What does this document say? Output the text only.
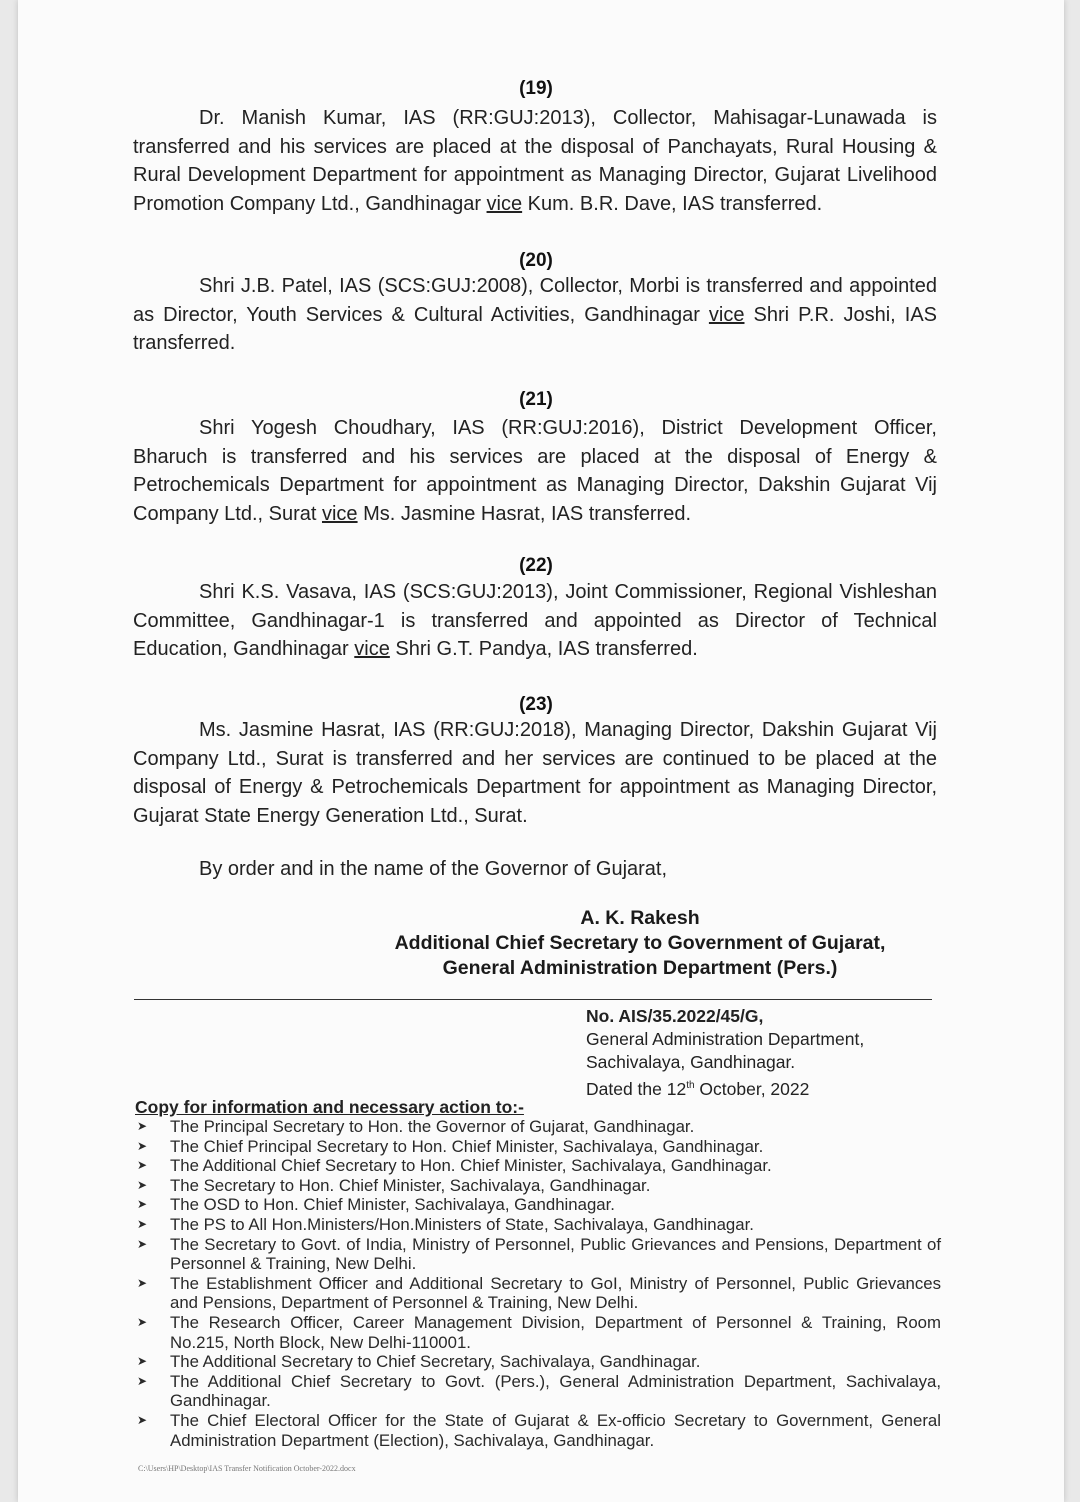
(19)
Dr. Manish Kumar, IAS (RR:GUJ:2013), Collector, Mahisagar-Lunawada is transferred and his services are placed at the disposal of Panchayats, Rural Housing & Rural Development Department for appointment as Managing Director, Gujarat Livelihood Promotion Company Ltd., Gandhinagar vice Kum. B.R. Dave, IAS transferred.
(20)
Shri J.B. Patel, IAS (SCS:GUJ:2008), Collector, Morbi is transferred and appointed as Director, Youth Services & Cultural Activities, Gandhinagar vice Shri P.R. Joshi, IAS transferred.
(21)
Shri Yogesh Choudhary, IAS (RR:GUJ:2016), District Development Officer, Bharuch is transferred and his services are placed at the disposal of Energy & Petrochemicals Department for appointment as Managing Director, Dakshin Gujarat Vij Company Ltd., Surat vice Ms. Jasmine Hasrat, IAS transferred.
(22)
Shri K.S. Vasava, IAS (SCS:GUJ:2013), Joint Commissioner, Regional Vishleshan Committee, Gandhinagar-1 is transferred and appointed as Director of Technical Education, Gandhinagar vice Shri G.T. Pandya, IAS transferred.
(23)
Ms. Jasmine Hasrat, IAS (RR:GUJ:2018), Managing Director, Dakshin Gujarat Vij Company Ltd., Surat is transferred and her services are continued to be placed at the disposal of Energy & Petrochemicals Department for appointment as Managing Director, Gujarat State Energy Generation Ltd., Surat.
By order and in the name of the Governor of Gujarat,
A. K. Rakesh
Additional Chief Secretary to Government of Gujarat,
General Administration Department (Pers.)
No. AIS/35.2022/45/G,
General Administration Department,
Sachivalaya, Gandhinagar.
Dated the 12th October, 2022
Copy for information and necessary action to:-
➤	The Principal Secretary to Hon. the Governor of Gujarat, Gandhinagar.
➤	The Chief Principal Secretary to Hon. Chief Minister, Sachivalaya, Gandhinagar.
➤	The Additional Chief Secretary to Hon. Chief Minister, Sachivalaya, Gandhinagar.
➤	The Secretary to Hon. Chief Minister, Sachivalaya, Gandhinagar.
➤	The OSD to Hon. Chief Minister, Sachivalaya, Gandhinagar.
➤	The PS to All Hon.Ministers/Hon.Ministers of State, Sachivalaya, Gandhinagar.
➤	The Secretary to Govt. of India, Ministry of Personnel, Public Grievances and Pensions, Department of Personnel & Training, New Delhi.
➤	The Establishment Officer and Additional Secretary to GoI, Ministry of Personnel, Public Grievances and Pensions, Department of Personnel & Training, New Delhi.
➤	The Research Officer, Career Management Division, Department of Personnel & Training, Room No.215, North Block, New Delhi-110001.
➤	The Additional Secretary to Chief Secretary, Sachivalaya, Gandhinagar.
➤	The Additional Chief Secretary to Govt. (Pers.), General Administration Department, Sachivalaya, Gandhinagar.
➤	The Chief Electoral Officer for the State of Gujarat & Ex-officio Secretary to Government, General Administration Department (Election), Sachivalaya, Gandhinagar.
C:\Users\HP\Desktop\IAS Transfer Notification October-2022.docx
